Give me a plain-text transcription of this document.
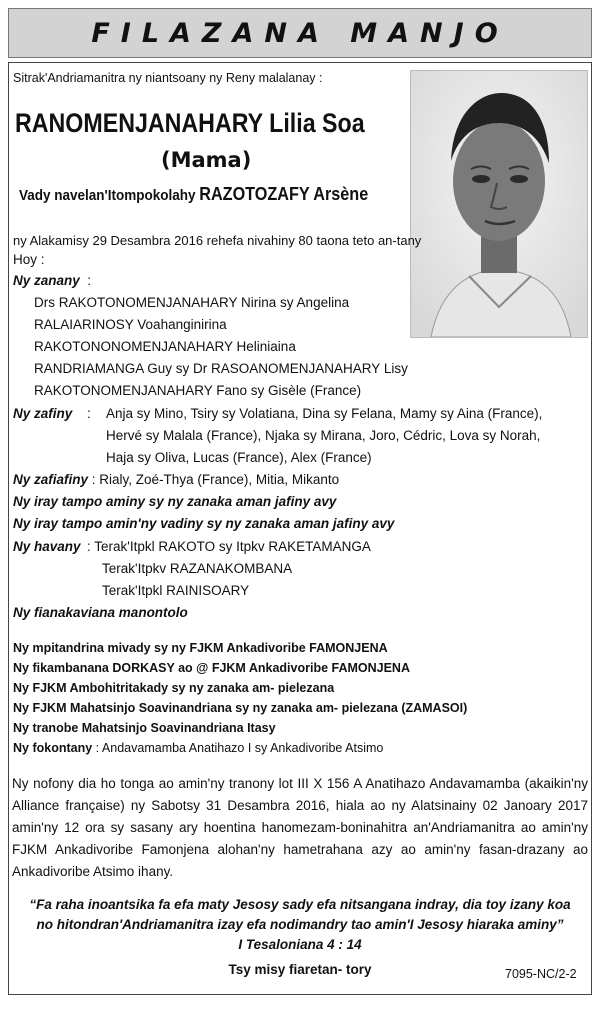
FILAZANA MANJO
Sitrak'Andriamanitra ny niantsoany ny Reny malalanay :
RANOMENJANAHARY Lilia Soa
(Mama)
Vady navelan'Itompokolahy RAZOTOZAFY Arsène
ny Alakamisy 29 Desambra 2016 rehefa nivahiny 80 taona teto an-tany
Hoy :
Ny zanany :
Drs RAKOTONOMENJANAHARY Nirina sy Angelina
RALAIARINOSY Voahanginirina
RAKOTONONOMENJANAHARY Heliniaina
RANDRIAMANGA Guy sy Dr RASOANOMENJANAHARY Lisy
RAKOTONOMENJANAHARY Fano sy Gisèle (France)
Ny zafiny : Anja sy Mino, Tsiry sy Volatiana, Dina sy Felana, Mamy sy Aina (France),
Hervé sy Malala (France), Njaka sy Mirana, Joro, Cédric, Lova sy Norah,
Haja sy Oliva, Lucas (France), Alex (France)
Ny zafiafiny : Rialy, Zoé-Thya (France), Mitia, Mikanto
Ny iray tampo aminy sy ny zanaka aman jafiny avy
Ny iray tampo amin'ny vadiny sy ny zanaka aman jafiny avy
Ny havany : Terak'Itpkl RAKOTO sy Itpkv RAKETAMANGA
Terak'Itpkv RAZANAKOMBANA
Terak'Itpkl RAINISOARY
Ny fianakaviana manontolo
Ny mpitandrina mivady sy ny FJKM Ankadivoribe FAMONJENA
Ny fikambanana DORKASY ao @ FJKM Ankadivoribe FAMONJENA
Ny FJKM Ambohitritakady sy ny zanaka am- pielezana
Ny FJKM Mahatsinjo Soavinandriana sy ny zanaka am- pielezana (ZAMASOI)
Ny tranobe Mahatsinjo Soavinandriana Itasy
Ny fokontany : Andavamamba Anatihazo I sy Ankadivoribe Atsimo
Ny nofony dia ho tonga ao amin'ny tranony lot III X 156 A Anatihazo Andavamamba (akaikin'ny Alliance française) ny Sabotsy 31 Desambra 2016, hiala ao ny Alatsinainy 02 Janoary 2017 amin'ny 12 ora sy sasany ary hoentina hanomezam-boninahitra an'Andriamanitra ao amin'ny FJKM Ankadivoribe Famonjena alohan'ny hametrahana azy ao amin'ny fasan-drazany ao Ankadivoribe Atsimo ihany.
“Fa raha inoantsika fa efa maty Jesosy sady efa nitsangana indray, dia toy izany koa
no hitondran'Andriamanitra izay efa nodimandry tao amin'I Jesosy hiaraka aminy”
I Tesaloniana 4 : 14
Tsy misy fiaretan- tory	7095-NC/2-2
